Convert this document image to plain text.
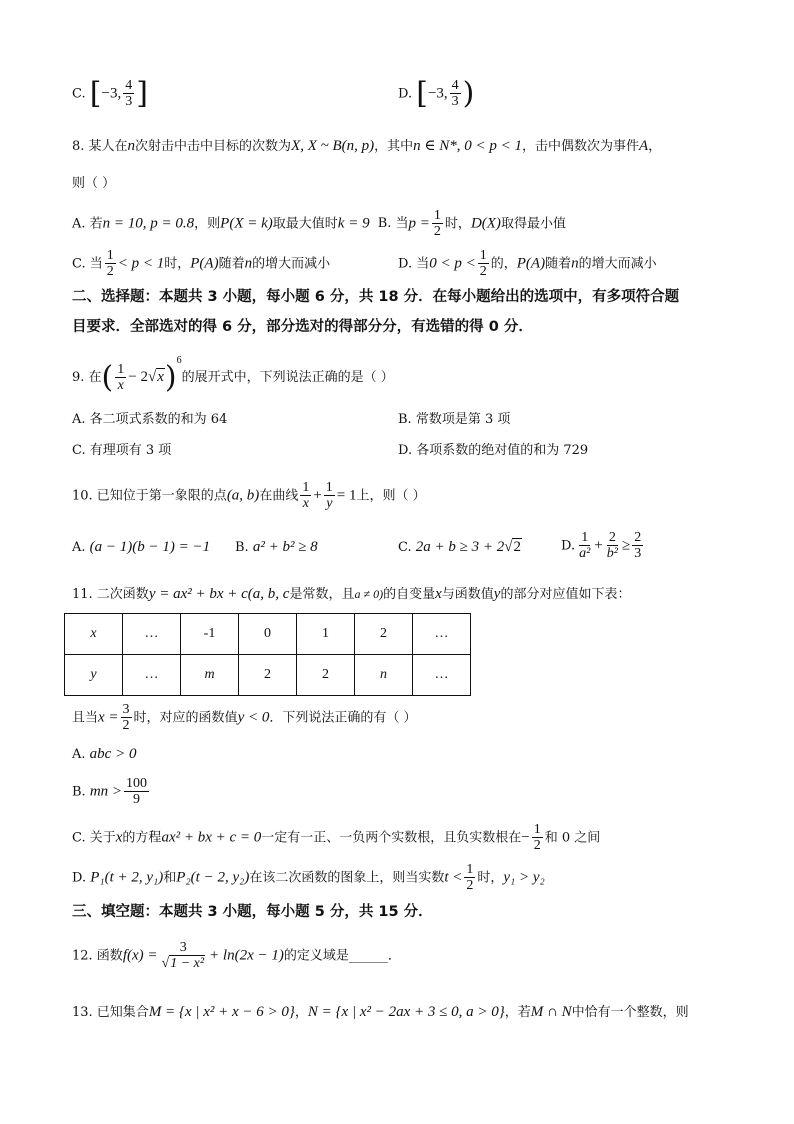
C. [−3, $\frac{4}{3}$ ]	D. [−3, $\frac{4}{3}$ )
8. 某人在n次射击中击中目标的次数为X, X ~ B(n, p)，其中n ∈ N*, 0 < p < 1，击中偶数次为事件A，
则（ ）
A. 若n = 10, p = 0.8，则P(X = k)取最大值时k = 9 B. 当$p = \frac{1}{2}$ 时，D(X)取得最小值
C. 当 $\frac{1}{2} < p < 1$时，P(A)随着n的增大而减小	D. 当$0 < p < \frac{1}{2}$ 的，P(A)随着n的增大而减小
二、选择题：本题共 3 小题，每小题 6 分，共 18 分．在每小题给出的选项中，有多项符合题
目要求．全部选对的得 6 分，部分选对的得部分分，有选错的得 0 分．
9. 在( $\frac{1}{x} - 2√x)^6$的展开式中，下列说法正确的是（ ）
A. 各二项式系数的和为 64	B. 常数项是第 3 项
C. 有理项有 3 项	D. 各项系数的绝对值的和为 729
10. 已知位于第一象限的点(a, b)在曲线 $\frac{1}{x} + \frac{1}{y} = 1$上，则（ ）
A. (a − 1)(b − 1) = −1 B. a² + b² ≥ 8	C. 2a + b ≥ 3 + 2√2	D. $\frac{1}{\text{a²}} + \frac{2}{\text{b²}} \ge \frac{2}{3}$
11. 二次函数y = ax² + bx + c(a, b, c是常数，且a ≠ 0)的自变量x与函数值y的部分对应值如下表：
x	…	-1	0	1	2	…
y	…	m	2	2	n	…
且当$x = \frac{3}{2}$ 时，对应的函数值y < 0．下列说法正确的有（ ）
A. abc > 0
B. mn > $\frac{100}{9}$
C. 关于x的方程ax² + bx + c = 0一定有一正、一负两个实数根，且负实数根在− $\frac{1}{2}$ 和 0 之间
D. P₁(t + 2, y₁)和P₂(t − 2, y₂)在该二次函数的图象上，则当实数$t < \frac{1}{2}$ 时，y₁ > y₂
三、填空题：本题共 3 小题，每小题 5 分，共 15 分．
12. 函数$f(x) = \frac{3}{\text{√1 − x²}} + \ln(2x - 1)$的定义域是______．
13. 已知集合M = {x | x² + x − 6 > 0}，N = {x | x² − 2ax + 3 ≤ 0, a > 0}，若M ∩ N中恰有一个整数，则
